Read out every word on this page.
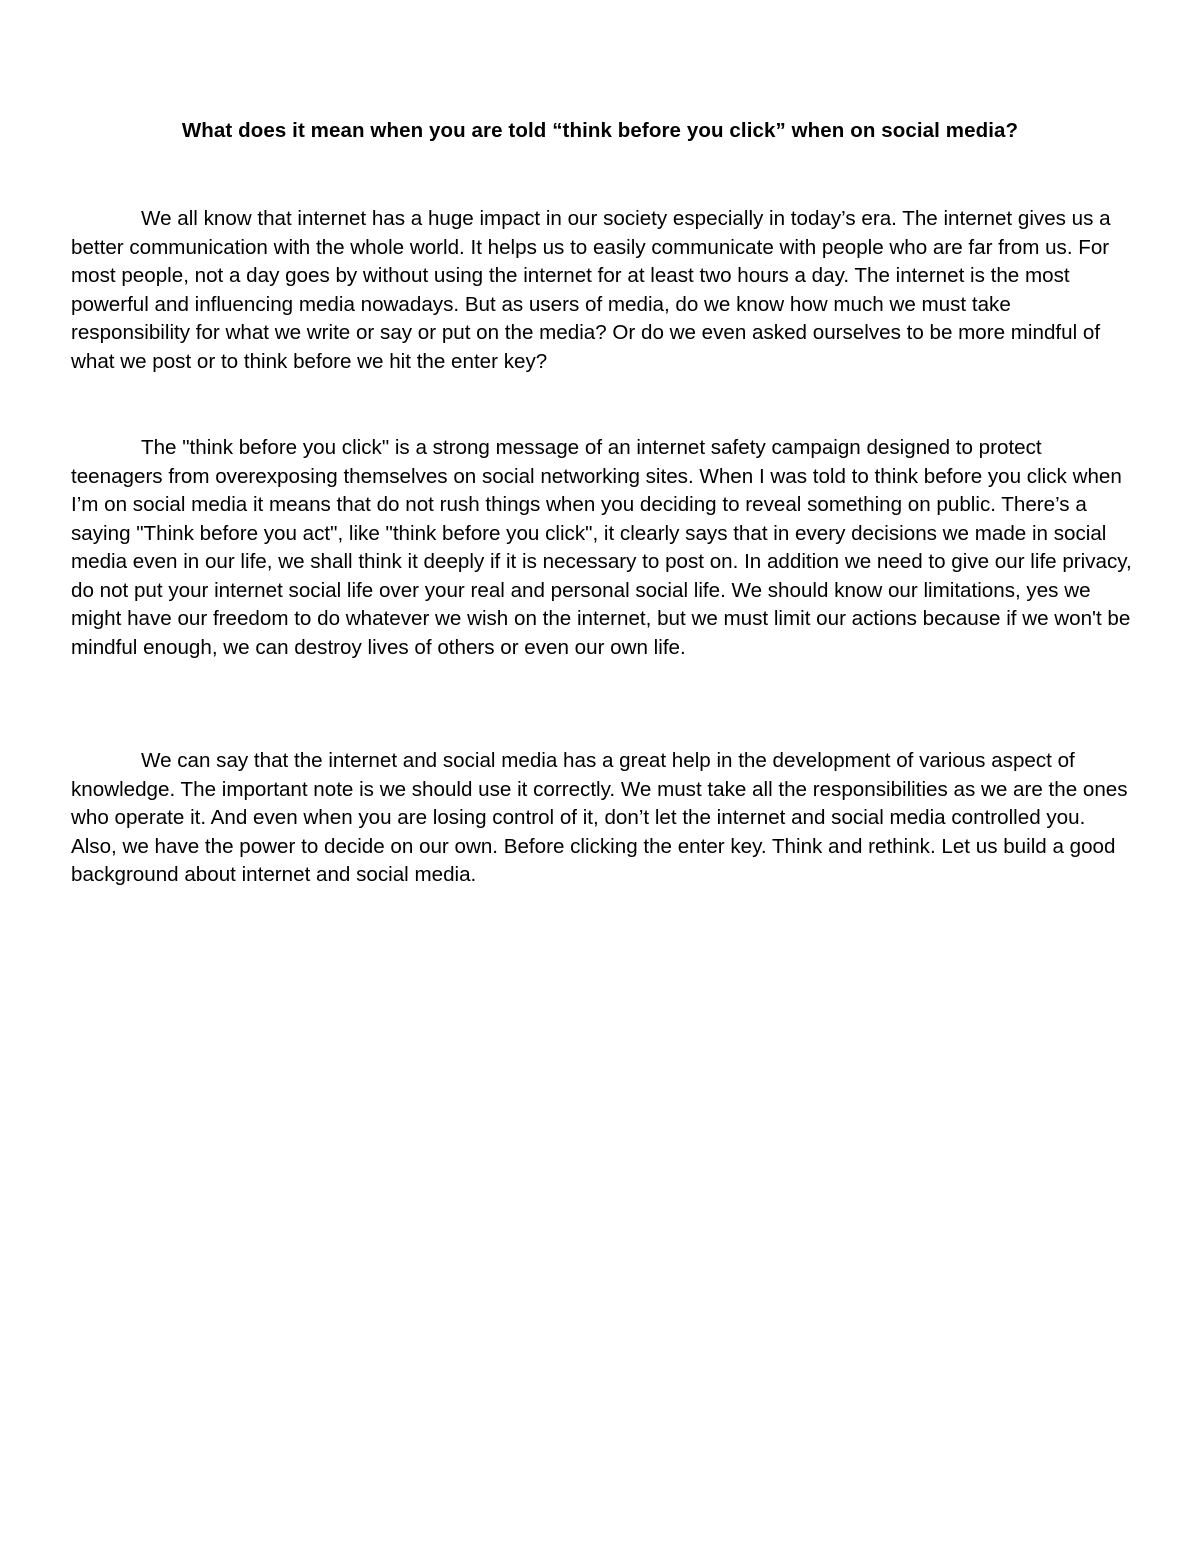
What does it mean when you are told “think before you click” when on social media?

We all know that internet has a huge impact in our society especially in today’s era. The internet gives us a better communication with the whole world. It helps us to easily communicate with people who are far from us. For most people, not a day goes by without using the internet for at least two hours a day. The internet is the most powerful and influencing media nowadays. But as users of media, do we know how much we must take responsibility for what we write or say or put on the media? Or do we even asked ourselves to be more mindful of what we post or to think before we hit the enter key?

The "think before you click" is a strong message of an internet safety campaign designed to protect teenagers from overexposing themselves on social networking sites. When I was told to think before you click when I’m on social media it means that do not rush things when you deciding to reveal something on public. There’s a saying "Think before you act", like "think before you click", it clearly says that in every decisions we made in social media even in our life, we shall think it deeply if it is necessary to post on. In addition we need to give our life privacy, do not put your internet social life over your real and personal social life. We should know our limitations, yes we might have our freedom to do whatever we wish on the internet, but we must limit our actions because if we won't be mindful enough, we can destroy lives of others or even our own life.

We can say that the internet and social media has a great help in the development of various aspect of knowledge. The important note is we should use it correctly. We must take all the responsibilities as we are the ones who operate it. And even when you are losing control of it, don’t let the internet and social media controlled you. Also, we have the power to decide on our own. Before clicking the enter key. Think and rethink. Let us build a good background about internet and social media.
